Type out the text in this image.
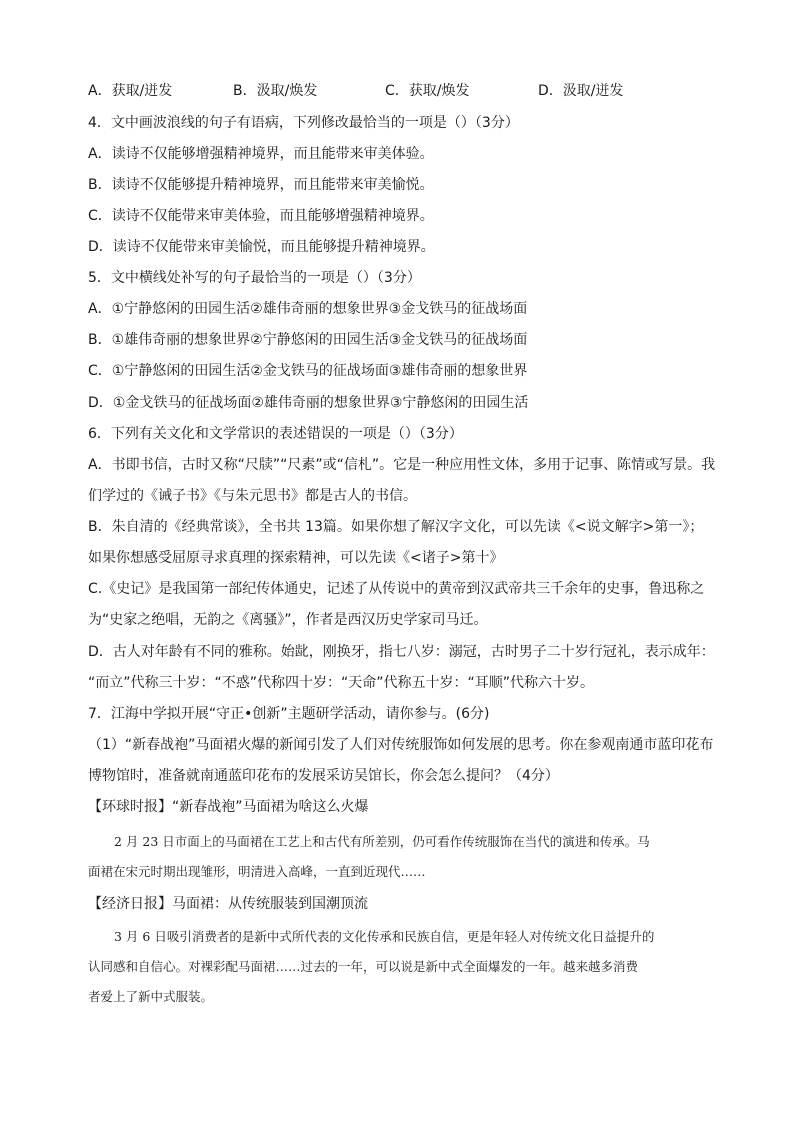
A．获取/迸发	B．汲取/焕发	C．获取/焕发	D．汲取/迸发
4．文中画波浪线的句子有语病，下列修改最恰当的一项是（）（3分）
A．读诗不仅能够增强精神境界，而且能带来审美体验。
B．读诗不仅能够提升精神境界，而且能带来审美愉悦。
C．读诗不仅能带来审美体验，而且能够增强精神境界。
D．读诗不仅能带来审美愉悦，而且能够提升精神境界。
5．文中横线处补写的句子最恰当的一项是（）（3分）
A．①宁静悠闲的田园生活②雄伟奇丽的想象世界③金戈铁马的征战场面
B．①雄伟奇丽的想象世界②宁静悠闲的田园生活③金戈铁马的征战场面
C．①宁静悠闲的田园生活②金戈铁马的征战场面③雄伟奇丽的想象世界
D．①金戈铁马的征战场面②雄伟奇丽的想象世界③宁静悠闲的田园生活
6．下列有关文化和文学常识的表述错误的一项是（）（3分）
A．书即书信，古时又称“尺牍”“尺素”或“信札”。它是一种应用性文体，多用于记事、陈情或写景。我
们学过的《诫子书》《与朱元思书》都是古人的书信。
B．朱自清的《经典常谈》，全书共 13篇。如果你想了解汉字文化，可以先读《<说文解字>第一》；
如果你想感受屈原寻求真理的探索精神，可以先读《<诸子>第十》
C.《史记》是我国第一部纪传体通史，记述了从传说中的黄帝到汉武帝共三千余年的史事，鲁迅称之
为“史家之绝唱，无韵之《离骚》”，作者是西汉历史学家司马迁。
D．古人对年龄有不同的雅称。始龀，刚换牙，指七八岁：溺冠，古时男子二十岁行冠礼，表示成年：
“而立”代称三十岁：“不惑”代称四十岁：“天命”代称五十岁：“耳顺”代称六十岁。
7．江海中学拟开展“守正•创新”主题研学活动，请你参与。(6分)
（1）“新春战袍”马面裙火爆的新闻引发了人们对传统服饰如何发展的思考。你在参观南通市蓝印花布
博物馆时，准备就南通蓝印花布的发展采访吴馆长，你会怎么提问？（4分）
【环球时报】“新春战袍”马面裙为啥这么火爆
2 月 23 日市面上的马面裙在工艺上和古代有所差别，仍可看作传统服饰在当代的演进和传承。马
面裙在宋元时期出现雏形，明清进入高峰，一直到近现代……
【经济日报】马面裙：从传统服装到国潮顶流
3 月 6 日吸引消费者的是新中式所代表的文化传承和民族自信，更是年轻人对传统文化日益提升的
认同感和自信心。对裸彩配马面裙……过去的一年，可以说是新中式全面爆发的一年。越来越多消费
者爱上了新中式服装。
